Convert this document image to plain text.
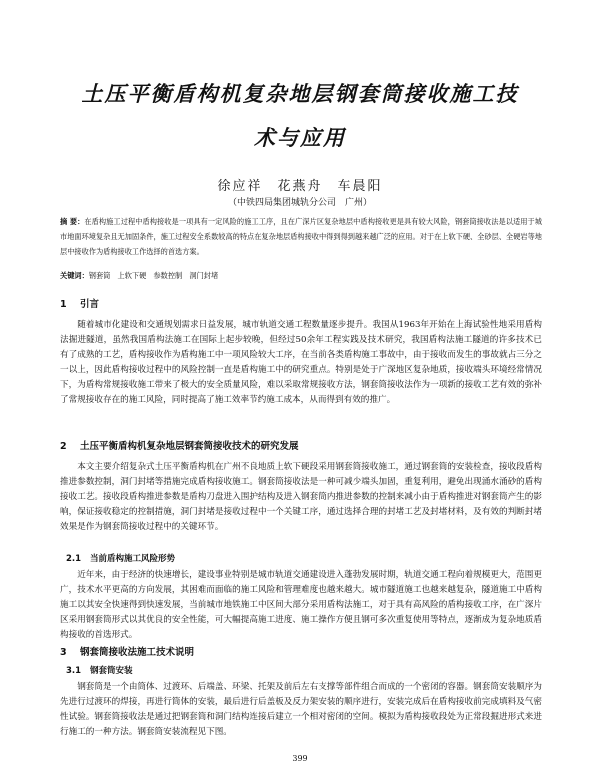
土压平衡盾构机复杂地层钢套筒接收施工技
术与应用
徐应祥　花燕舟　车晨阳
（中铁四局集团城轨分公司　广州）
摘 要：在盾构施工过程中盾构接收是一项具有一定风险的施工工序，且在广深片区复杂地层中盾构接收更是具有较大风险，钢套筒接收法是以适用于城市地面环境复杂且无加固条件，施工过程安全系数较高的特点在复杂地层盾构接收中得到得到越来越广泛的应用。对于在上软下硬、全砂层、全硬岩等地层中接收作为盾构接收工作选择的首选方案。
关键词：钢套筒　上软下硬　参数控制　洞门封堵
1 引言

随着城市化建设和交通规划需求日益发展，城市轨道交通工程数量逐步提升。我国从1963年开始在上海试验性地采用盾构法掘进隧道，虽然我国盾构法施工在国际上起步较晚，但经过50余年工程实践及技术研究，我国盾构法施工隧道的许多技术已有了成熟的工艺，盾构接收作为盾构施工中一项风险较大工序，在当前各类盾构施工事故中，由于接收而发生的事故就占三分之一以上，因此盾构接收过程中的风险控制一直是盾构施工中的研究重点。特别是处于广深地区复杂地质，接收端头环境经常情况下，为盾构常规接收施工带来了极大的安全质量风险，难以采取常规接收方法，钢套筒接收法作为一项新的接收工艺有效的弥补了常规接收存在的施工风险，同时提高了施工效率节约施工成本，从而得到有效的推广。

2 土压平衡盾构机复杂地层钢套筒接收技术的研究发展

本文主要介绍复杂式土压平衡盾构机在广州不良地质上软下硬段采用钢套筒接收施工，通过钢套筒的安装检查，接收段盾构推进参数控制，洞门封堵等措施完成盾构接收施工。钢套筒接收法是一种可减少端头加固，重复利用，避免出现涌水涌砂的盾构接收工艺。接收段盾构推进参数是盾构刀盘进入围护结构及进入钢套筒内推进参数的控制来减小由于盾构推进对钢套筒产生的影响，保证接收稳定的控制措施，洞门封堵是接收过程中一个关键工序，通过选择合理的封堵工艺及封堵材料，及有效的判断封堵效果是作为钢套筒接收过程中的关键环节。

2.1 当前盾构施工风险形势

近年来，由于经济的快速增长，建设事业特别是城市轨道交通建设进入蓬勃发展时期，轨道交通工程向着规模更大，范围更广，技术水平更高的方向发展，其困难而面临的施工风险和管理难度也越来越大。城市隧道施工也越来越复杂，隧道施工中盾构施工以其安全快速得到快速发展，当前城市地铁施工中区间大部分采用盾构法施工，对于具有高风险的盾构接收工序，在广深片区采用钢套筒形式以其优良的安全性能，可大幅提高施工进度、施工操作方便且钢可多次重复使用等特点，逐渐成为复杂地质盾构接收的首选形式。

3 钢套筒接收法施工技术说明
3.1 钢套筒安装

钢套筒是一个由筒体、过渡环、后端盖、环梁、托架及前后左右支撑等部件组合而成的一个密闭的容器。钢套筒安装顺序为先进行过渡环的焊接，再进行筒体的安装，最后进行后盖板及反力架安装的顺序进行，安装完成后在盾构接收前完成填料及气密性试验。钢套筒接收法是通过把钢套筒和洞门结构连接后建立一个相对密闭的空间。模拟为盾构接收段处为正常段掘进形式来进行施工的一种方法。钢套筒安装流程见下图。

399
